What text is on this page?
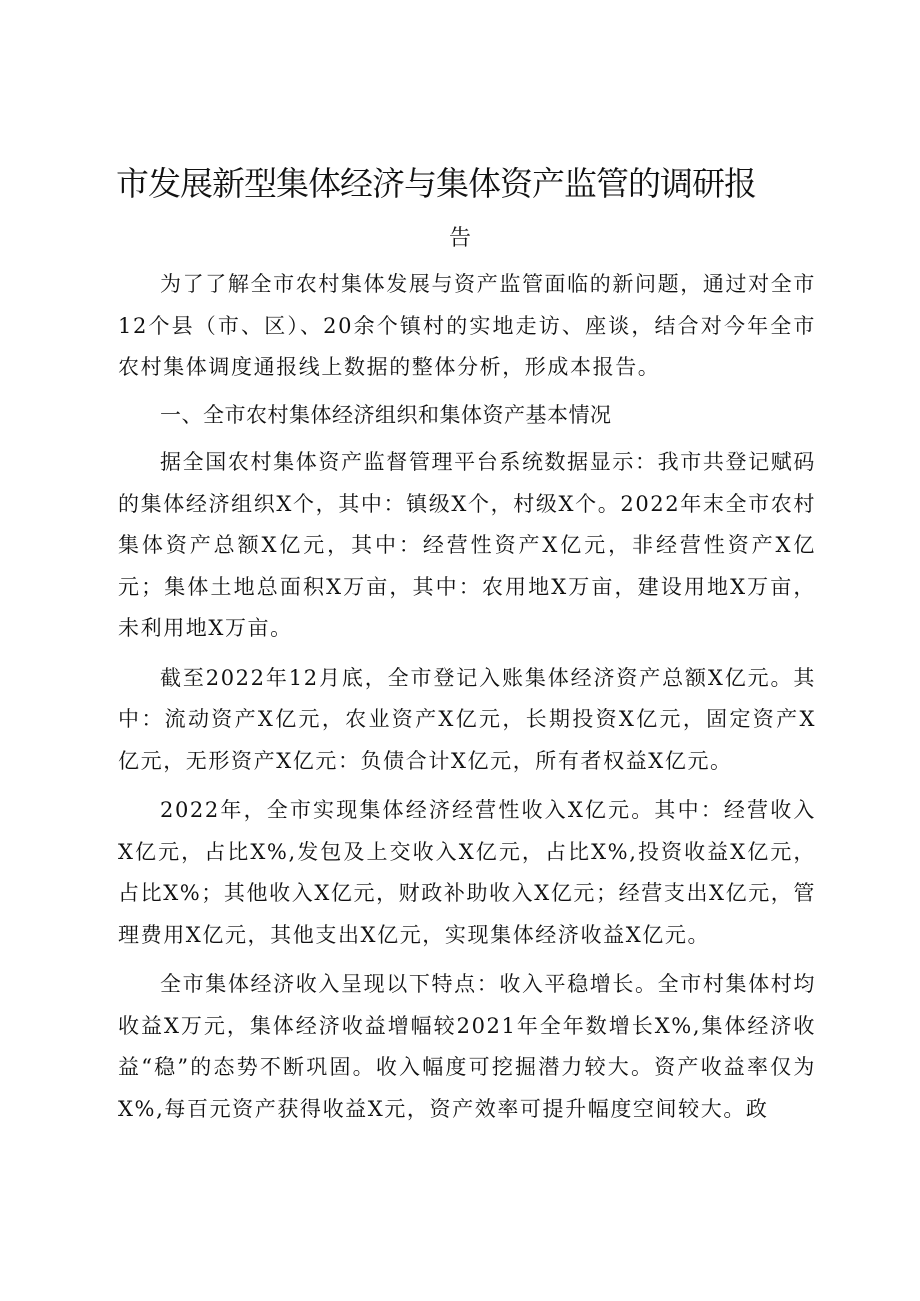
市发展新型集体经济与集体资产监管的调研报
告

为了了解全市农村集体发展与资产监管面临的新问题，通过对全市12个县（市、区）、20余个镇村的实地走访、座谈，结合对今年全市农村集体调度通报线上数据的整体分析，形成本报告。

一、全市农村集体经济组织和集体资产基本情况

据全国农村集体资产监督管理平台系统数据显示：我市共登记赋码的集体经济组织X个，其中：镇级X个，村级X个。2022年末全市农村集体资产总额X亿元，其中：经营性资产X亿元，非经营性资产X亿元；集体土地总面积X万亩，其中：农用地X万亩，建设用地X万亩，未利用地X万亩。

截至2022年12月底，全市登记入账集体经济资产总额X亿元。其中：流动资产X亿元，农业资产X亿元，长期投资X亿元，固定资产X亿元，无形资产X亿元：负债合计X亿元，所有者权益X亿元。

2022年，全市实现集体经济经营性收入X亿元。其中：经营收入X亿元，占比X%,发包及上交收入X亿元，占比X%,投资收益X亿元，占比X%；其他收入X亿元，财政补助收入X亿元；经营支出X亿元，管理费用X亿元，其他支出X亿元，实现集体经济收益X亿元。

全市集体经济收入呈现以下特点：收入平稳增长。全市村集体村均收益X万元，集体经济收益增幅较2021年全年数增长X%,集体经济收益“稳”的态势不断巩固。收入幅度可挖掘潜力较大。资产收益率仅为X%,每百元资产获得收益X元，资产效率可提升幅度空间较大。政
